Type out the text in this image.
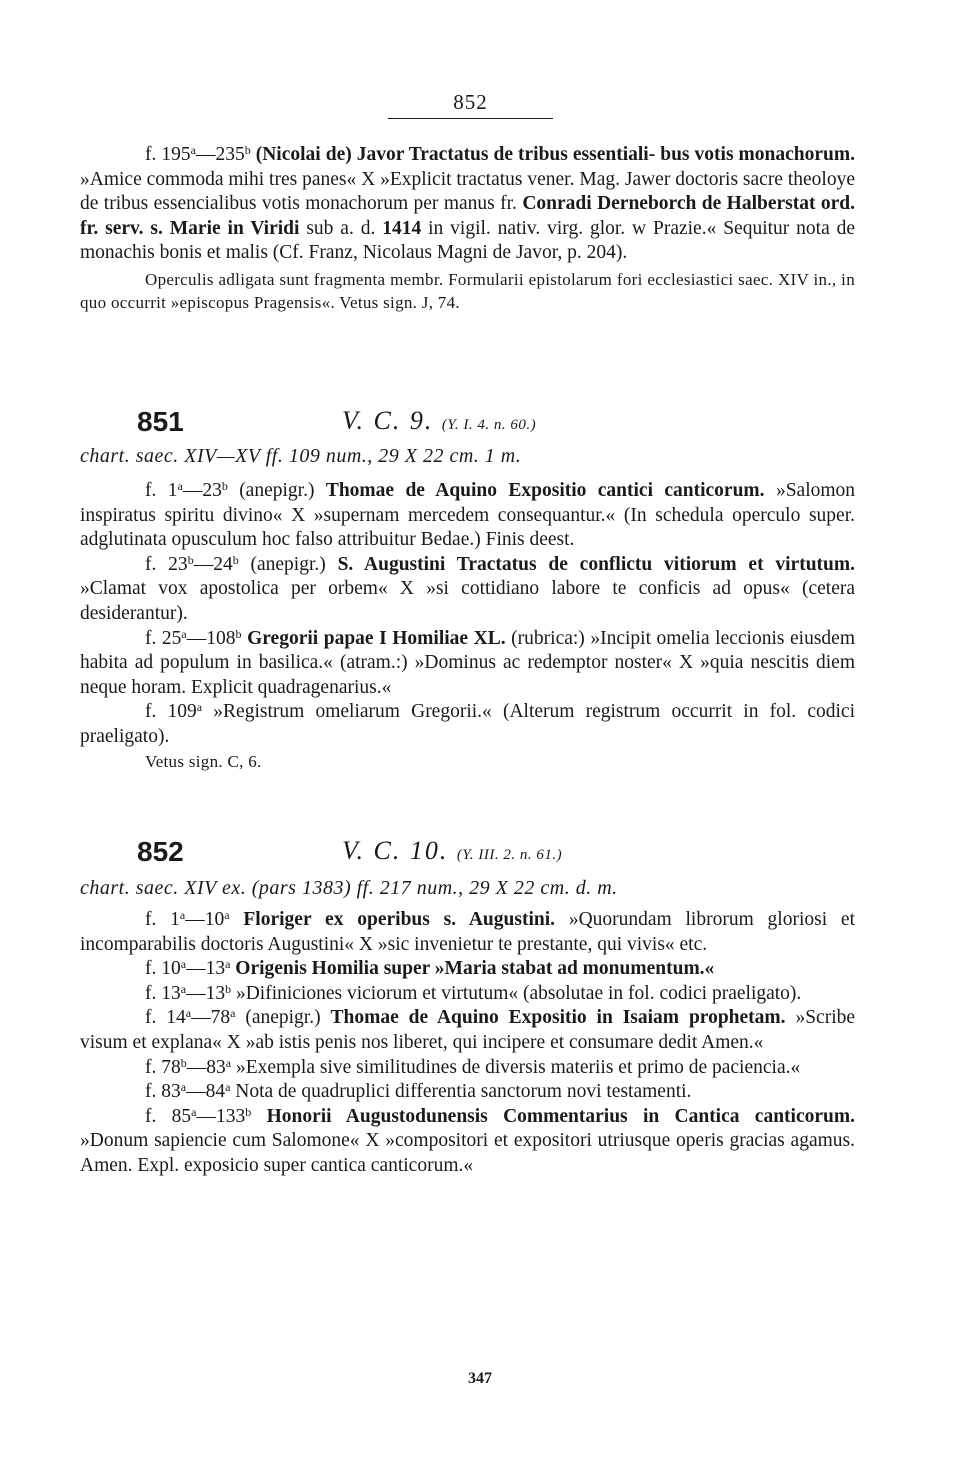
852

f. 195$^a$—235$^b$ (Nicolai de) Javor Tractatus de tribus essentiali- bus votis monachorum. »Amice commoda mihi tres panes« X »Explicit tractatus vener. Mag. Jawer doctoris sacre theoloye de tribus essencialibus votis monachorum per manus fr. Conradi Derneborch de Halberstat ord. fr. serv. s. Marie in Viridi sub a. d. 1414 in vigil. nativ. virg. glor. w Prazie.« Sequitur nota de monachis bonis et malis (Cf. Franz, Nicolaus Magni de Javor, p. 204).

Operculis adligata sunt fragmenta membr. Formularii epistolarum fori ecclesiastici saec. XIV in., in quo occurrit »episcopus Pragensis«. Vetus sign. J, 74.

851	V. C. 9. (Y. I. 4. n. 60.)
chart. saec. XIV—XV ff. 109 num., 29 X 22 cm. 1 m.

f. 1$^a$—23$^b$ (anepigr.) Thomae de Aquino Expositio cantici canticorum. »Salomon inspiratus spiritu divino« X »supernam mercedem consequantur.« (In schedula operculo super. adglutinata opusculum hoc falso attribuitur Bedae.) Finis deest.

f. 23$^b$—24$^b$ (anepigr.) S. Augustini Tractatus de conflictu vitiorum et virtutum. »Clamat vox apostolica per orbem« X »si cottidiano labore te conficis ad opus« (cetera desiderantur).

f. 25$^a$—108$^b$ Gregorii papae I Homiliae XL. (rubrica:) »Incipit omelia leccionis eiusdem habita ad populum in basilica.« (atram.:) »Dominus ac redemptor noster« X »quia nescitis diem neque horam. Explicit quadragenarius.«

f. 109$^a$ »Registrum omeliarum Gregorii.« (Alterum registrum occurrit in fol. codici praeligato).

Vetus sign. C, 6.

852	V. C. 10. (Y. III. 2. n. 61.)
chart. saec. XIV ex. (pars 1383) ff. 217 num., 29 X 22 cm. d. m.

f. 1$^a$—10$^a$ Floriger ex operibus s. Augustini. »Quorundam librorum gloriosi et incomparabilis doctoris Augustini« X »sic invenietur te prestante, qui vivis« etc.

f. 10$^a$—13$^a$ Origenis Homilia super »Maria stabat ad monumentum.«

f. 13$^a$—13$^b$ »Difiniciones viciorum et virtutum« (absolutae in fol. codici praeligato).

f. 14$^a$—78$^a$ (anepigr.) Thomae de Aquino Expositio in Isaiam prophetam. »Scribe visum et explana« X »ab istis penis nos liberet, qui incipere et consumare dedit Amen.«

f. 78$^b$—83$^a$ »Exempla sive similitudines de diversis materiis et primo de paciencia.«

f. 83$^a$—84$^a$ Nota de quadruplici differentia sanctorum novi testamenti.

f. 85$^a$—133$^b$ Honorii Augustodunensis Commentarius in Cantica canticorum. »Donum sapiencie cum Salomone« X »compositori et expositori utriusque operis gracias agamus. Amen. Expl. exposicio super cantica canticorum.«

347
